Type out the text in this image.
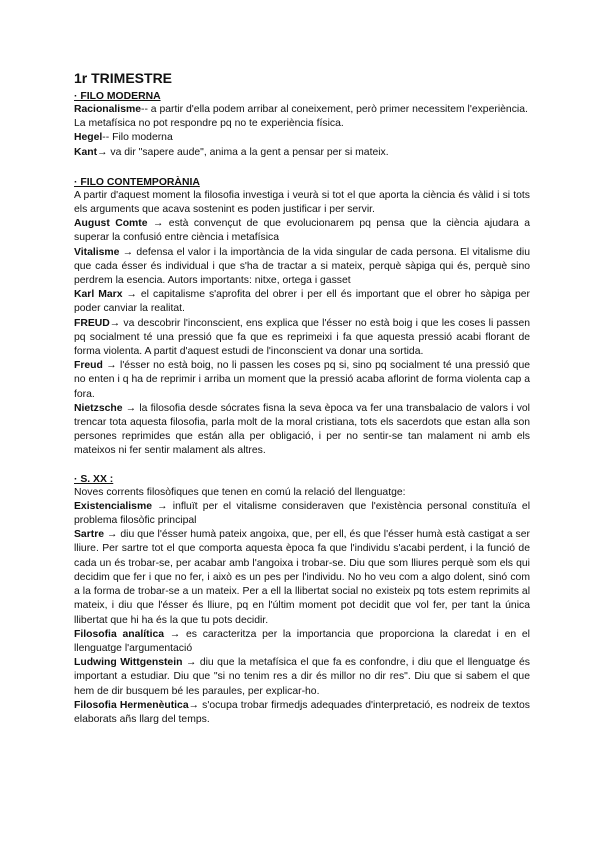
1r TRIMESTRE
· FILO MODERNA

Racionalisme-- a partir d'ella podem arribar al coneixement, però primer necessitem l'experiència.

La metafísica no pot respondre pq no te experiència física.

Hegel-- Filo moderna

Kant→ va dir "sapere aude", anima a la gent a pensar per si mateix.

· FILO CONTEMPORÀNIA

A partir d'aquest moment la filosofia investiga i veurà si tot el que aporta la ciència és vàlid i si tots els arguments que acava sostenint es poden justificar i per servir.

August Comte → està convençut de que evolucionarem pq pensa que la ciència ajudara a superar la confusió entre ciència i metafísica

Vitalisme → defensa el valor i la importància de la vida singular de cada persona. El vitalisme diu que cada ésser és individual i que s'ha de tractar a si mateix, perquè sàpiga qui és, perquè sino perdrem la esencia. Autors importants: nitxe, ortega i gasset

Karl Marx → el capitalisme s'aprofita del obrer i per ell és important que el obrer ho sàpiga per poder canviar la realitat.

FREUD→ va descobrir l'inconscient, ens explica que l'ésser no està boig i que les coses li passen pq socialment té una pressió que fa que es reprimeixi i fa que aquesta pressió acabi florant de forma violenta. A partit d'aquest estudi de l'inconscient va donar una sortida.

Freud → l'ésser no està boig, no li passen les coses pq si, sino pq socialment té una pressió que no enten i q ha de reprimir i arriba un moment que la pressió acaba aflorint de forma violenta cap a fora.

Nietzsche → la filosofia desde sócrates fisna la seva època va fer una transbalacio de valors i vol trencar tota aquesta filosofia, parla molt de la moral cristiana, tots els sacerdots que estan alla son persones reprimides que están alla per obligació, i per no sentir-se tan malament ni amb els mateixos ni fer sentir malament als altres.

· S. XX :

Noves corrents filosòfiques que tenen en comú la relació del llenguatge:

Existencialisme → influït per el vitalisme consideraven que l'existència personal constituïa el problema filosòfic principal

Sartre → diu que l'ésser humà pateix angoixa, que, per ell, és que l'ésser humà està castigat a ser lliure. Per sartre tot el que comporta aquesta època fa que l'individu s'acabi perdent, i la funció de cada un és trobar-se, per acabar amb l'angoixa i trobar-se. Diu que som lliures perquè som els qui decidim que fer i que no fer, i això es un pes per l'individu. No ho veu com a algo dolent, sinó com a la forma de trobar-se a un mateix. Per a ell la llibertat social no existeix pq tots estem reprimits al mateix, i diu que l'ésser és lliure, pq en l'últim moment pot decidit que vol fer, per tant la única llibertat que hi ha és la que tu pots decidir.

Filosofia analítica → es caracteritza per la importancia que proporciona la claredat i en el llenguatge l'argumentació

Ludwing Wittgenstein → diu que la metafísica el que fa es confondre, i diu que el llenguatge és important a estudiar. Diu que "si no tenim res a dir és millor no dir res". Diu que si sabem el que hem de dir busquem bé les paraules, per explicar-ho.

Filosofia Hermenèutica→ s'ocupa trobar firmedjs adequades d'interpretació, es nodreix de textos elaborats añs llarg del temps.
